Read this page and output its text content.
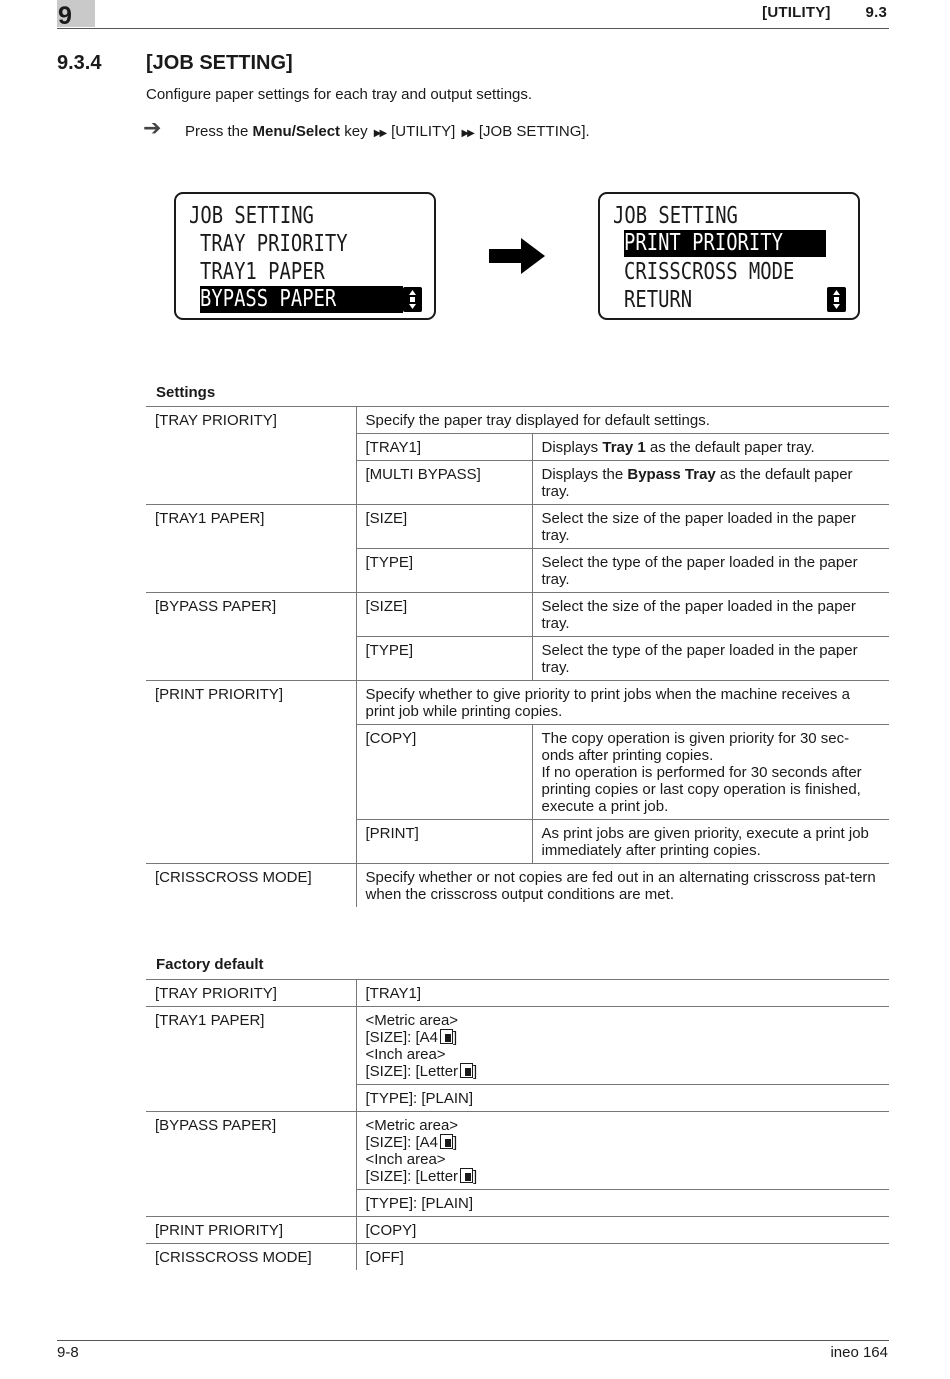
9	[UTILITY] 9.3
9.3.4 [JOB SETTING]
Configure paper settings for each tray and output settings.
➔ Press the Menu/Select key ▶▶ [UTILITY] ▶▶ [JOB SETTING].
JOB SETTING
TRAY PRIORITY
TRAY1 PAPER
BYPASS PAPER
JOB SETTING
PRINT PRIORITY
CRISSCROSS MODE
RETURN
Settings
[TRAY PRIORITY]	Specify the paper tray displayed for default settings.	
	[TRAY1]	Displays Tray 1 as the default paper tray.
	[MULTI BYPASS]	Displays the Bypass Tray as the default paper tray.
[TRAY1 PAPER]	[SIZE]	Select the size of the paper loaded in the paper tray.
	[TYPE]	Select the type of the paper loaded in the paper tray.
[BYPASS PAPER]	[SIZE]	Select the size of the paper loaded in the paper tray.
	[TYPE]	Select the type of the paper loaded in the paper tray.
[PRINT PRIORITY]	Specify whether to give priority to print jobs when the machine receives a print job while printing copies.	
	[COPY]	The copy operation is given priority for 30 sec-onds after printing copies.
If no operation is performed for 30 seconds after printing copies or last copy operation is finished, execute a print job.

	[PRINT]	As print jobs are given priority, execute a print job immediately after printing copies.
[CRISSCROSS MODE]	Specify whether or not copies are fed out in an alternating crisscross pat-tern when the crisscross output conditions are met.	
Factory default
[TRAY PRIORITY]	[TRAY1]
[TRAY1 PAPER]	<Metric area>
[SIZE]: [A4 ]
<Inch area>
[SIZE]: [Letter ]

	[TYPE]: [PLAIN]
[BYPASS PAPER]	<Metric area>
[SIZE]: [A4 ]
<Inch area>
[SIZE]: [Letter ]

	[TYPE]: [PLAIN]
[PRINT PRIORITY]	[COPY]
[CRISSCROSS MODE]	[OFF]
9-8	ineo 164
